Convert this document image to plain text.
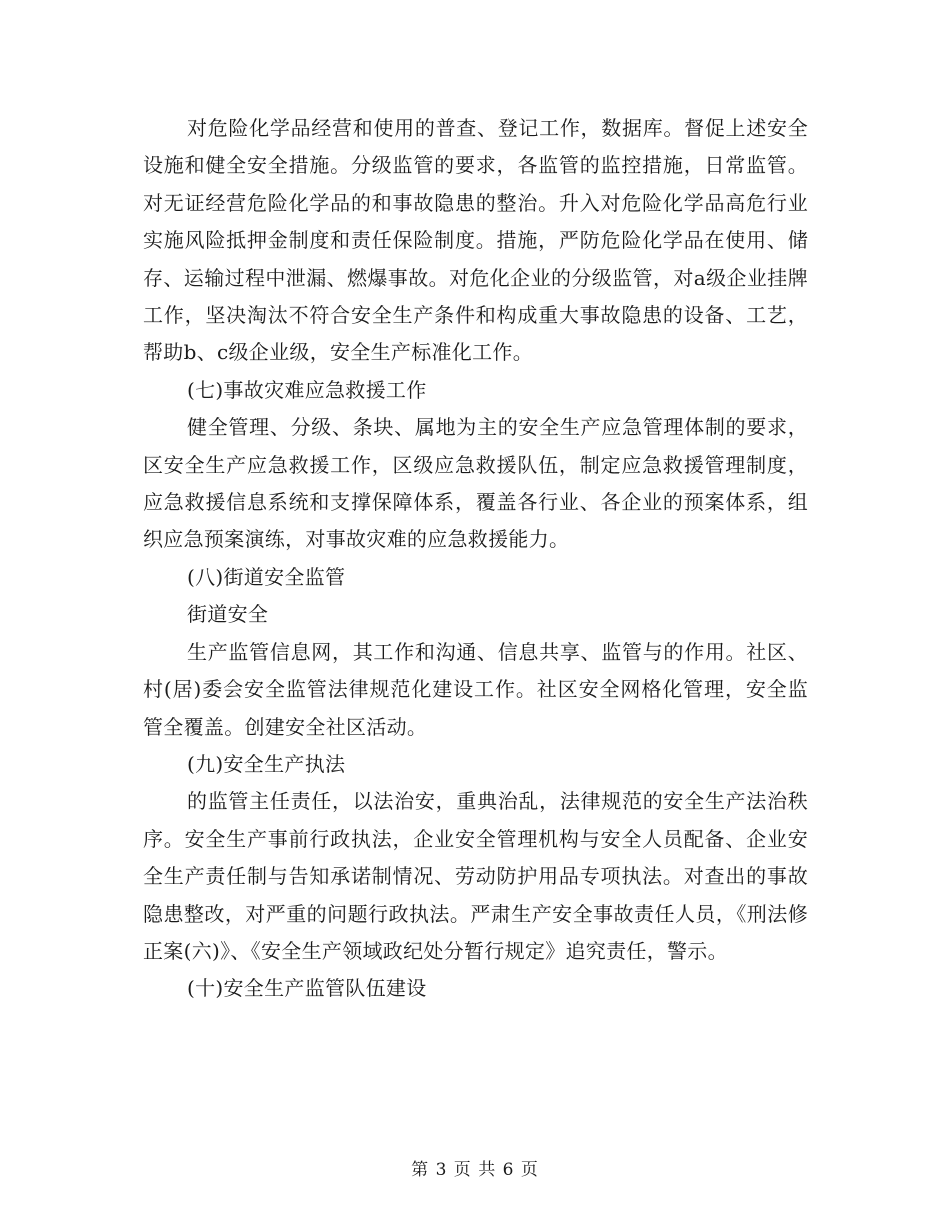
对危险化学品经营和使用的普查、登记工作，数据库。督促上述安全设施和健全安全措施。分级监管的要求，各监管的监控措施，日常监管。对无证经营危险化学品的和事故隐患的整治。升入对危险化学品高危行业实施风险抵押金制度和责任保险制度。措施，严防危险化学品在使用、储存、运输过程中泄漏、燃爆事故。对危化企业的分级监管，对a级企业挂牌工作，坚决淘汰不符合安全生产条件和构成重大事故隐患的设备、工艺，帮助b、c级企业级，安全生产标准化工作。

(七)事故灾难应急救援工作

健全管理、分级、条块、属地为主的安全生产应急管理体制的要求，区安全生产应急救援工作，区级应急救援队伍，制定应急救援管理制度，应急救援信息系统和支撑保障体系，覆盖各行业、各企业的预案体系，组织应急预案演练，对事故灾难的应急救援能力。

(八)街道安全监管

街道安全

生产监管信息网，其工作和沟通、信息共享、监管与的作用。社区、村(居)委会安全监管法律规范化建设工作。社区安全网格化管理，安全监管全覆盖。创建安全社区活动。

(九)安全生产执法

的监管主任责任，以法治安，重典治乱，法律规范的安全生产法治秩序。安全生产事前行政执法，企业安全管理机构与安全人员配备、企业安全生产责任制与告知承诺制情况、劳动防护用品专项执法。对查出的事故隐患整改，对严重的问题行政执法。严肃生产安全事故责任人员，《刑法修正案(六)》、《安全生产领域政纪处分暂行规定》追究责任，警示。

(十)安全生产监管队伍建设

第 3 页 共 6 页
